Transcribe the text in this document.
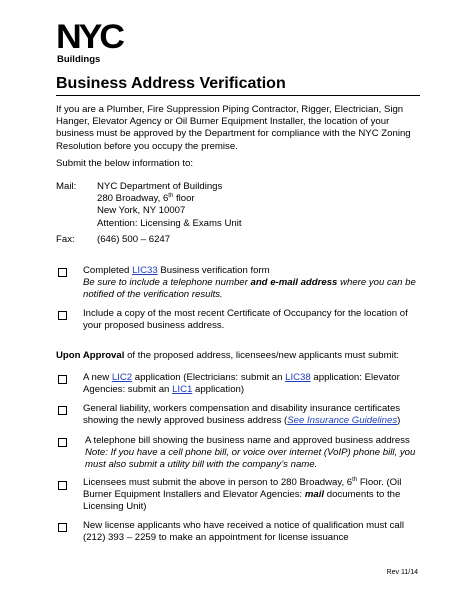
NYC
Buildings
Business Address Verification
If you are a Plumber, Fire Suppression Piping Contractor, Rigger, Electrician, Sign Hanger, Elevator Agency or Oil Burner Equipment Installer, the location of your business must be approved by the Department for compliance with the NYC Zoning Resolution before you occupy the premise.
Submit the below information to:
Mail: NYC Department of Buildings
280 Broadway, 6th floor
New York, NY 10007
Attention: Licensing & Exams Unit
Fax: (646) 500 – 6247
Completed LIC33 Business verification form
Be sure to include a telephone number and e-mail address where you can be notified of the verification results.
Include a copy of the most recent Certificate of Occupancy for the location of your proposed business address.
Upon Approval of the proposed address, licensees/new applicants must submit:
A new LIC2 application (Electricians: submit an LIC38 application: Elevator Agencies: submit an LIC1 application)
General liability, workers compensation and disability insurance certificates showing the newly approved business address (See Insurance Guidelines)
A telephone bill showing the business name and approved business address
Note: If you have a cell phone bill, or voice over internet (VoIP) phone bill, you must also submit a utility bill with the company’s name.
Licensees must submit the above in person to 280 Broadway, 6th Floor. (Oil Burner Equipment Installers and Elevator Agencies: mail documents to the Licensing Unit)
New license applicants who have received a notice of qualification must call (212) 393 – 2259 to make an appointment for license issuance
Rev 11/14
